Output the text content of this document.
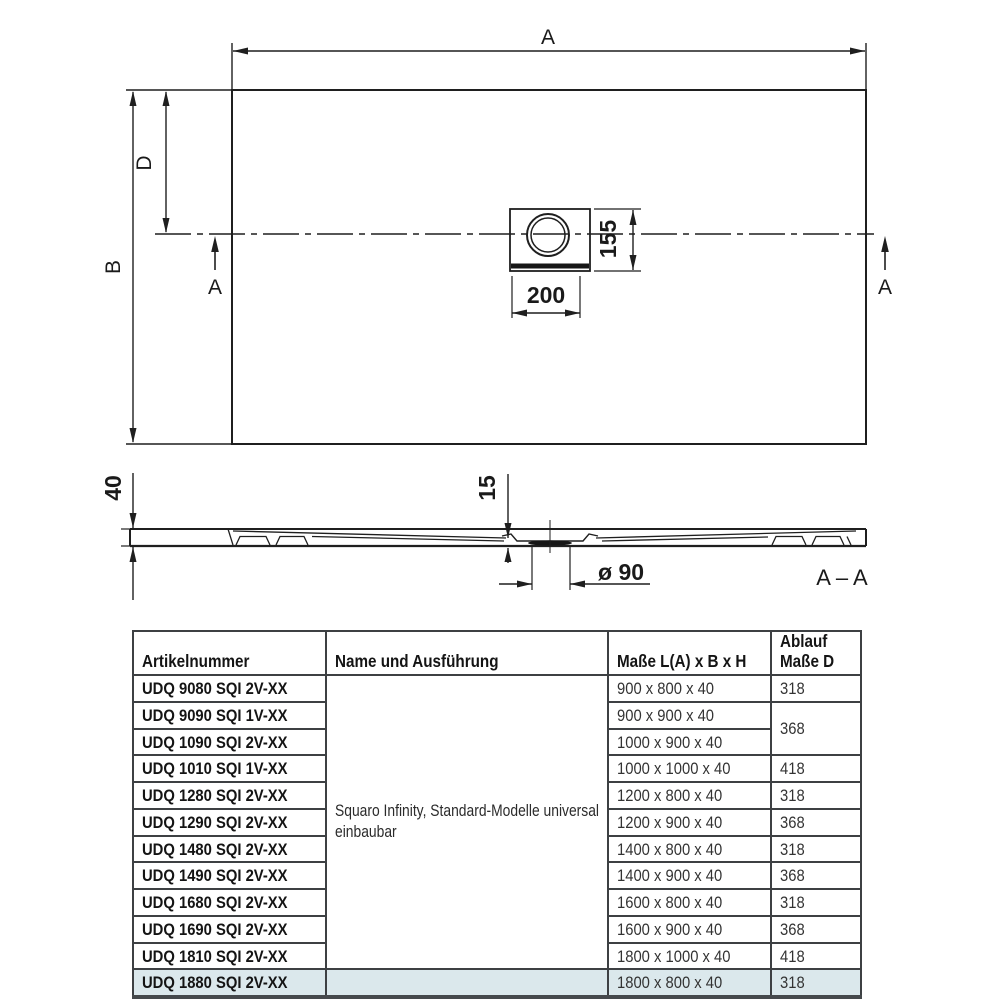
A
B
D
A	A
155
200
40	15
ø 90	A – A
Artikelnummer	Name und Ausführung	Maße L(A) x B x H	Ablauf Maße D
UDQ 9080 SQI 2V-XX	Squaro Infinity, Standard-Modelle universal einbaubar	900 x 800 x 40	318
UDQ 9090 SQI 1V-XX		900 x 900 x 40	368
UDQ 1090 SQI 2V-XX		1000 x 900 x 40	
UDQ 1010 SQI 1V-XX		1000 x 1000 x 40	418
UDQ 1280 SQI 2V-XX		1200 x 800 x 40	318
UDQ 1290 SQI 2V-XX		1200 x 900 x 40	368
UDQ 1480 SQI 2V-XX		1400 x 800 x 40	318
UDQ 1490 SQI 2V-XX		1400 x 900 x 40	368
UDQ 1680 SQI 2V-XX		1600 x 800 x 40	318
UDQ 1690 SQI 2V-XX		1600 x 900 x 40	368
UDQ 1810 SQI 2V-XX		1800 x 1000 x 40	418
UDQ 1880 SQI 2V-XX		1800 x 800 x 40	318
